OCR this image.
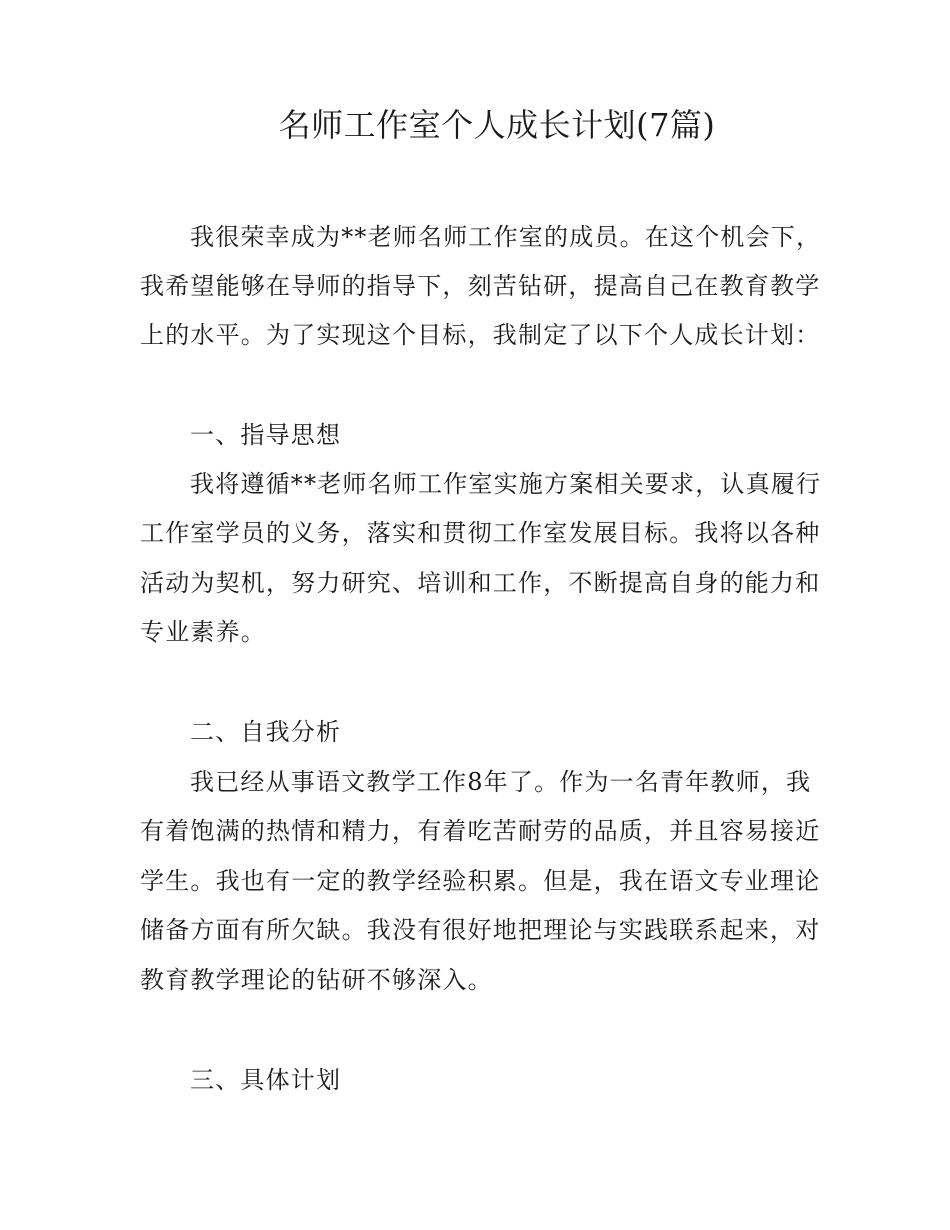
名师工作室个人成长计划(7篇)
我很荣幸成为**老师名师工作室的成员。在这个机会下，
我希望能够在导师的指导下，刻苦钻研，提高自己在教育教学
上的水平。为了实现这个目标，我制定了以下个人成长计划：
一、指导思想
我将遵循**老师名师工作室实施方案相关要求，认真履行
工作室学员的义务，落实和贯彻工作室发展目标。我将以各种
活动为契机，努力研究、培训和工作，不断提高自身的能力和
专业素养。
二、自我分析
我已经从事语文教学工作8年了。作为一名青年教师，我
有着饱满的热情和精力，有着吃苦耐劳的品质，并且容易接近
学生。我也有一定的教学经验积累。但是，我在语文专业理论
储备方面有所欠缺。我没有很好地把理论与实践联系起来，对
教育教学理论的钻研不够深入。
三、具体计划
